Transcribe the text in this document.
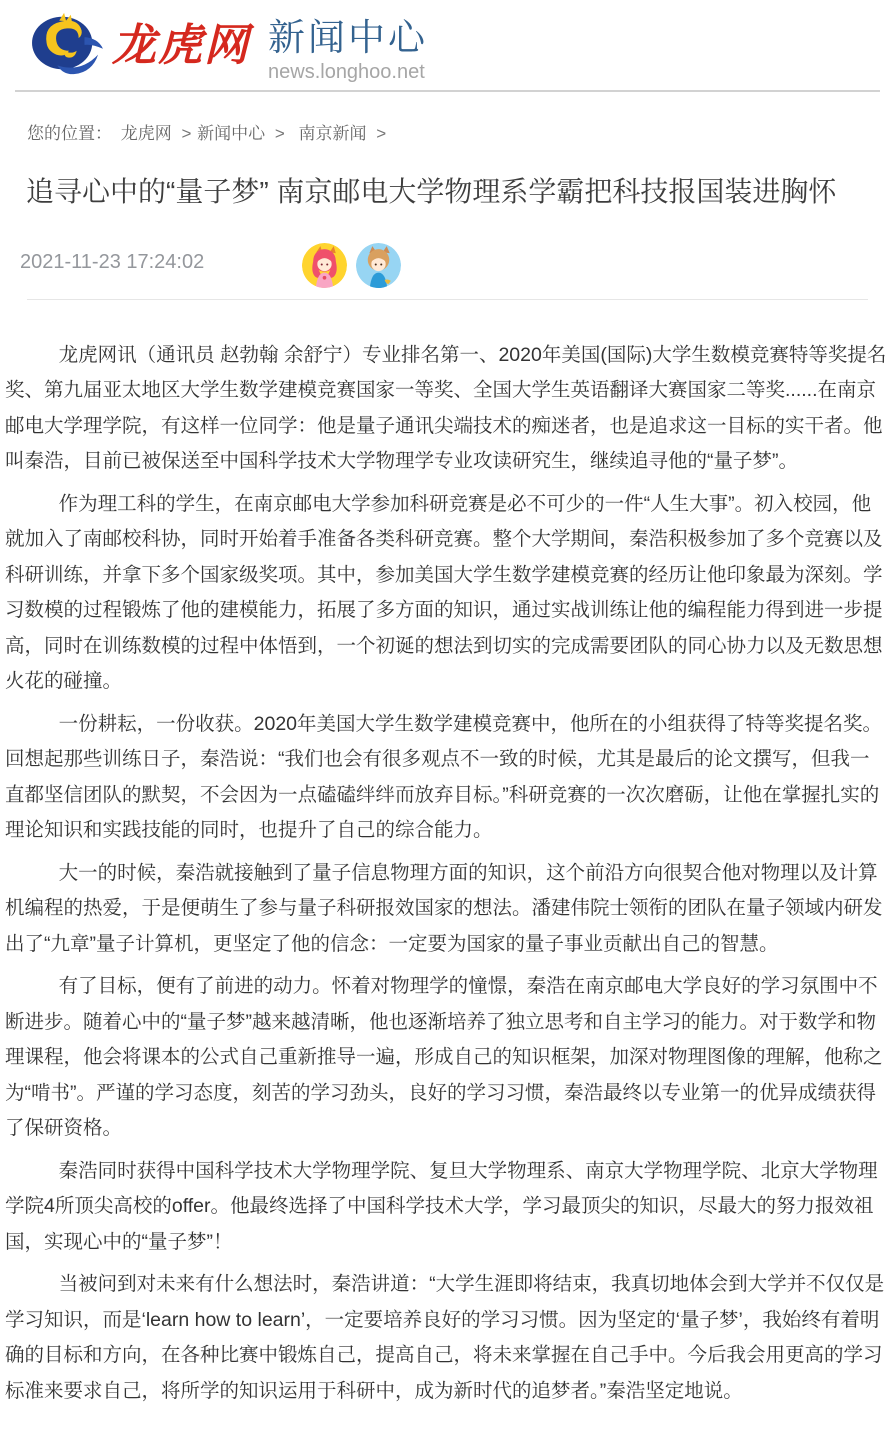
龙虎网 新闻中心
news.longhoo.net
您的位置： 龙虎网 > 新闻中心 > 南京新闻 >
追寻心中的“量子梦” 南京邮电大学物理系学霸把科技报国装进胸怀
2021-11-23 17:24:02

龙虎网讯（通讯员 赵勃翰 余舒宁）专业排名第一、2020年美国(国际)大学生数模竞赛特等奖提名奖、第九届亚太地区大学生数学建模竞赛国家一等奖、全国大学生英语翻译大赛国家二等奖......在南京邮电大学理学院，有这样一位同学：他是量子通讯尖端技术的痴迷者，也是追求这一目标的实干者。他叫秦浩，目前已被保送至中国科学技术大学物理学专业攻读研究生，继续追寻他的“量子梦”。

作为理工科的学生，在南京邮电大学参加科研竞赛是必不可少的一件“人生大事”。初入校园，他就加入了南邮校科协，同时开始着手准备各类科研竞赛。整个大学期间，秦浩积极参加了多个竞赛以及科研训练，并拿下多个国家级奖项。其中，参加美国大学生数学建模竞赛的经历让他印象最为深刻。学习数模的过程锻炼了他的建模能力，拓展了多方面的知识，通过实战训练让他的编程能力得到进一步提高，同时在训练数模的过程中体悟到，一个初诞的想法到切实的完成需要团队的同心协力以及无数思想火花的碰撞。

一份耕耘，一份收获。2020年美国大学生数学建模竞赛中，他所在的小组获得了特等奖提名奖。回想起那些训练日子，秦浩说：“我们也会有很多观点不一致的时候，尤其是最后的论文撰写，但我一直都坚信团队的默契，不会因为一点磕磕绊绊而放弃目标。”科研竞赛的一次次磨砺，让他在掌握扎实的理论知识和实践技能的同时，也提升了自己的综合能力。

大一的时候，秦浩就接触到了量子信息物理方面的知识，这个前沿方向很契合他对物理以及计算机编程的热爱，于是便萌生了参与量子科研报效国家的想法。潘建伟院士领衔的团队在量子领域内研发出了“九章”量子计算机，更坚定了他的信念：一定要为国家的量子事业贡献出自己的智慧。

有了目标，便有了前进的动力。怀着对物理学的憧憬，秦浩在南京邮电大学良好的学习氛围中不断进步。随着心中的“量子梦”越来越清晰，他也逐渐培养了独立思考和自主学习的能力。对于数学和物理课程，他会将课本的公式自己重新推导一遍，形成自己的知识框架，加深对物理图像的理解，他称之为“啃书”。严谨的学习态度，刻苦的学习劲头，良好的学习习惯，秦浩最终以专业第一的优异成绩获得了保研资格。

秦浩同时获得中国科学技术大学物理学院、复旦大学物理系、南京大学物理学院、北京大学物理学院4所顶尖高校的offer。他最终选择了中国科学技术大学，学习最顶尖的知识，尽最大的努力报效祖国，实现心中的“量子梦”！

当被问到对未来有什么想法时，秦浩讲道：“大学生涯即将结束，我真切地体会到大学并不仅仅是学习知识，而是‘learn how to learn’，一定要培养良好的学习习惯。因为坚定的‘量子梦’，我始终有着明确的目标和方向，在各种比赛中锻炼自己，提高自己，将未来掌握在自己手中。今后我会用更高的学习标准来要求自己，将所学的知识运用于科研中，成为新时代的追梦者。”秦浩坚定地说。
